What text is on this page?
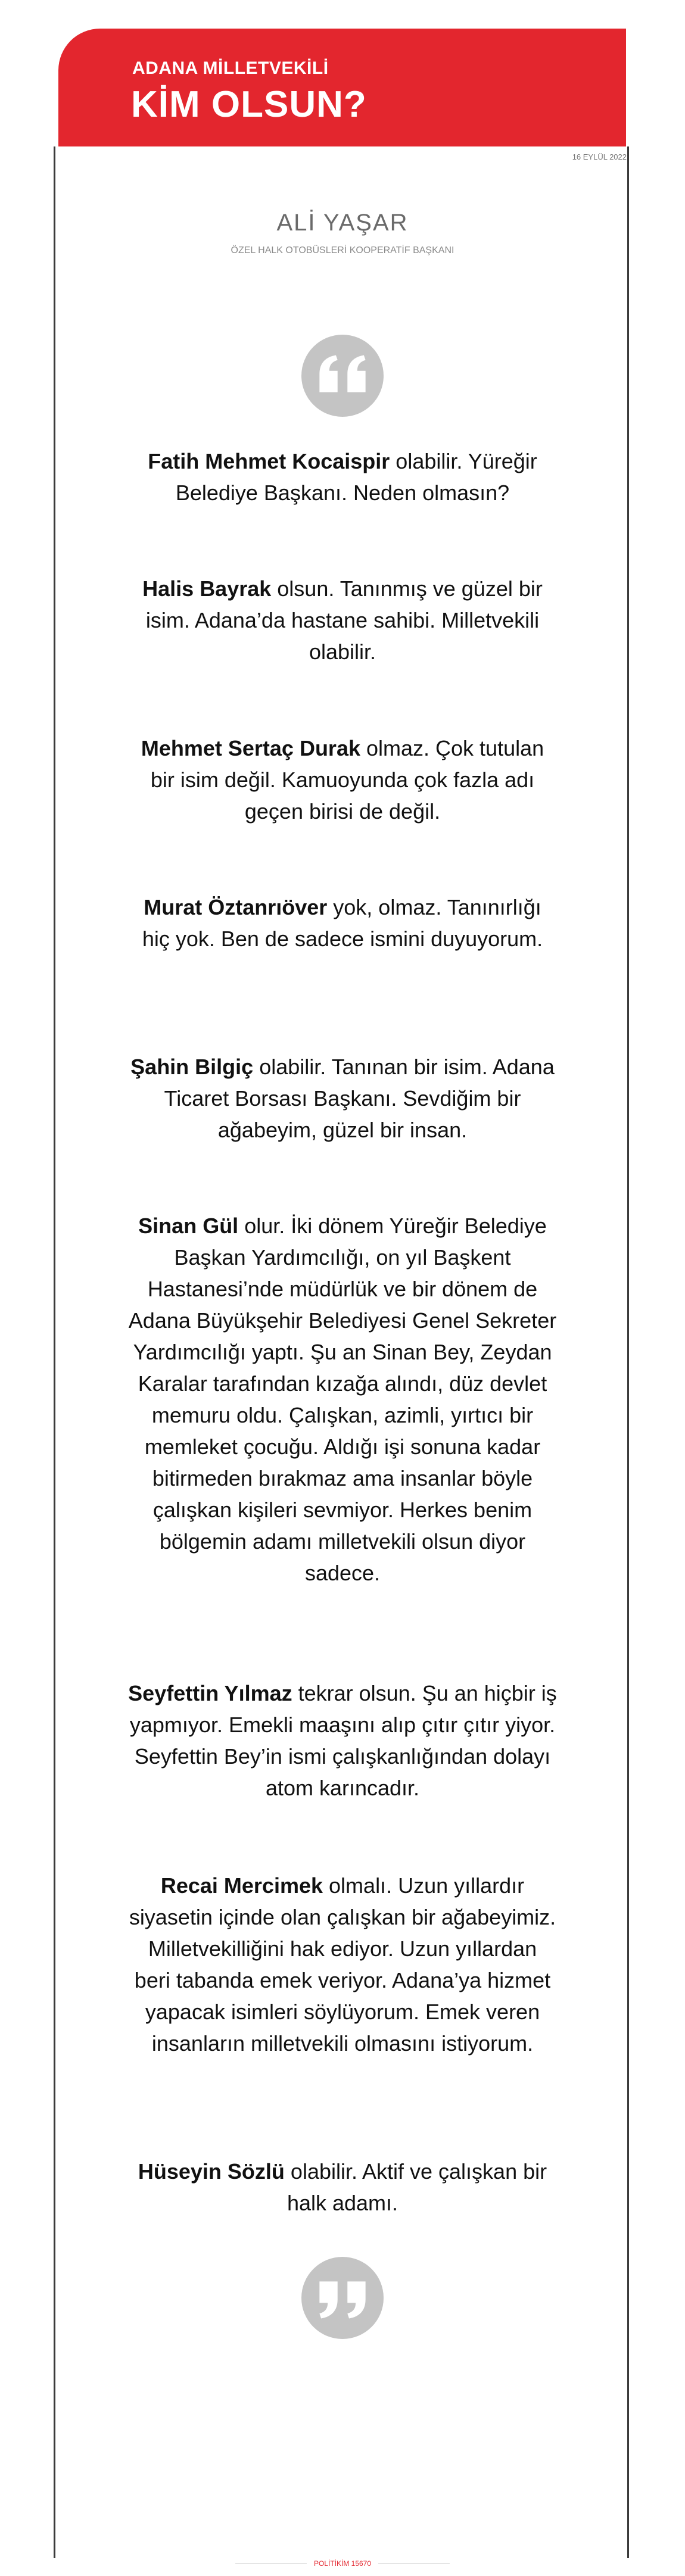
ADANA MİLLETVEKİLİ
KİM OLSUN?
16 EYLÜL 2022
ALİ YAŞAR
ÖZEL HALK OTOBÜSLERİ KOOPERATİF BAŞKANI
Fatih Mehmet Kocaispir olabilir. Yüreğir Belediye Başkanı. Neden olmasın?
Halis Bayrak olsun. Tanınmış ve güzel bir isim. Adana’da hastane sahibi. Milletvekili olabilir.
Mehmet Sertaç Durak olmaz. Çok tutulan bir isim değil. Kamuoyunda çok fazla adı geçen birisi de değil.
Murat Öztanrıöver yok, olmaz. Tanınırlığı hiç yok. Ben de sadece ismini duyuyorum.
Şahin Bilgiç olabilir. Tanınan bir isim. Adana Ticaret Borsası Başkanı. Sevdiğim bir ağabeyim, güzel bir insan.
Sinan Gül olur. İki dönem Yüreğir Belediye Başkan Yardımcılığı, on yıl Başkent Hastanesi’nde müdürlük ve bir dönem de Adana Büyükşehir Belediyesi Genel Sekreter Yardımcılığı yaptı. Şu an Sinan Bey, Zeydan Karalar tarafından kızağa alındı, düz devlet memuru oldu. Çalışkan, azimli, yırtıcı bir memleket çocuğu. Aldığı işi sonuna kadar bitirmeden bırakmaz ama insanlar böyle çalışkan kişileri sevmiyor. Herkes benim bölgemin adamı milletvekili olsun diyor sadece.
Seyfettin Yılmaz tekrar olsun. Şu an hiçbir iş yapmıyor. Emekli maaşını alıp çıtır çıtır yiyor. Seyfettin Bey’in ismi çalışkanlığından dolayı atom karıncadır.
Recai Mercimek olmalı. Uzun yıllardır siyasetin içinde olan çalışkan bir ağabeyimiz. Milletvekilliğini hak ediyor. Uzun yıllardan beri tabanda emek veriyor. Adana’ya hizmet yapacak isimleri söylüyorum. Emek veren insanların milletvekili olmasını istiyorum.
Hüseyin Sözlü olabilir. Aktif ve çalışkan bir halk adamı.
POLİTİKİM 15670
